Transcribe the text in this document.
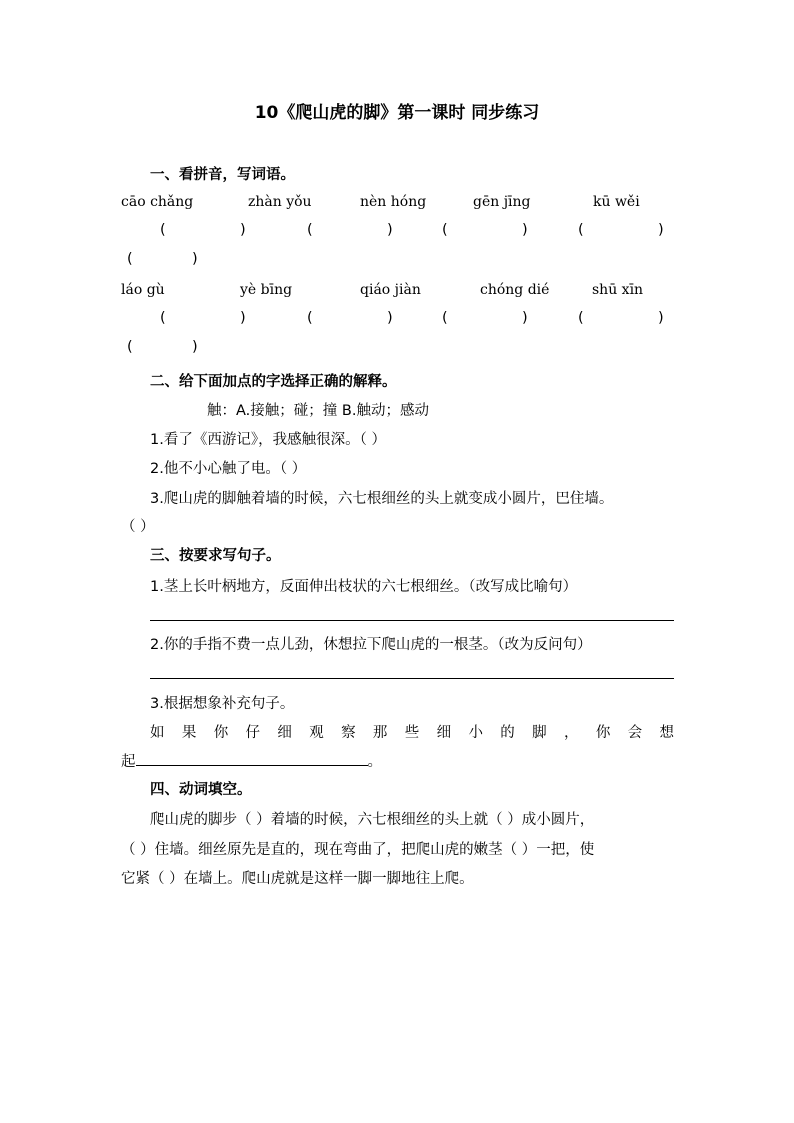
10《爬山虎的脚》第一课时 同步练习
一、看拼音，写词语。
cāo chǎng	zhàn yǒu	nèn hóng	gēn jīng	kū wěi
(	)	(	)	(	)	(	)
(	)
láo gù	yè bīng	qiáo jiàn	chóng dié	shū xīn
(	)	(	)	(	)	(	)
(	)
二、给下面加点的字选择正确的解释。
触：A.接触；碰；撞 B.触动；感动
1.看了《西游记》，我感触很深。（ ）
2.他不小心触了电。（ ）
3.爬山虎的脚触着墙的时候，六七根细丝的头上就变成小圆片，巴住墙。
（ ）
三、按要求写句子。
1.茎上长叶柄地方，反面伸出枝状的六七根细丝。（改写成比喻句）
2.你的手指不费一点儿劲，休想拉下爬山虎的一根茎。（改为反问句）
3.根据想象补充句子。
如 果 你 仔 细 观 察 那 些 细 小 的 脚 ， 你 会 想
起	。
四、动词填空。
爬山虎的脚步（ ）着墙的时候，六七根细丝的头上就（ ）成小圆片，
（ ）住墙。细丝原先是直的，现在弯曲了，把爬山虎的嫩茎（ ）一把，使
它紧（ ）在墙上。爬山虎就是这样一脚一脚地往上爬。
